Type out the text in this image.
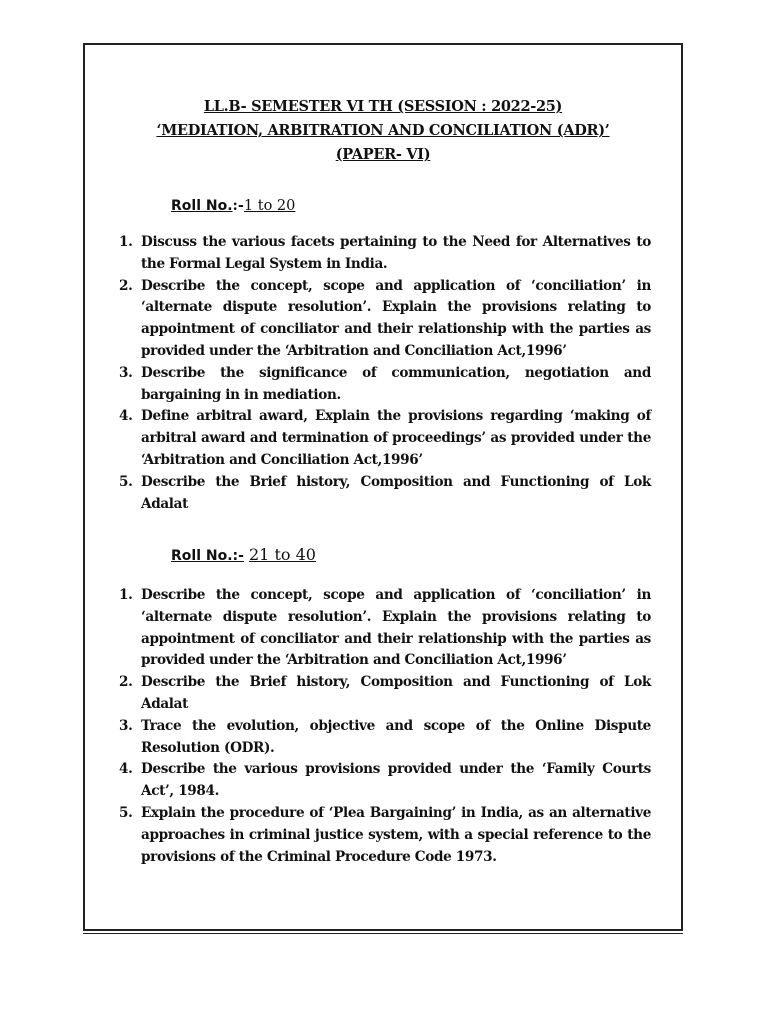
LL.B- SEMESTER VI TH (SESSION : 2022-25)
‘MEDIATION, ARBITRATION AND CONCILIATION (ADR)’
(PAPER- VI)
Roll No.:-1 to 20
1. Discuss the various facets pertaining to the Need for Alternatives to the Formal Legal System in India.
2. Describe the concept, scope and application of ‘conciliation’ in ‘alternate dispute resolution’. Explain the provisions relating to appointment of conciliator and their relationship with the parties as provided under the ‘Arbitration and Conciliation Act,1996’
3. Describe the significance of communication, negotiation and bargaining in in mediation.
4. Define arbitral award, Explain the provisions regarding ‘making of arbitral award and termination of proceedings’ as provided under the ‘Arbitration and Conciliation Act,1996’
5. Describe the Brief history, Composition and Functioning of Lok Adalat
Roll No.:- 21 to 40
1. Describe the concept, scope and application of ‘conciliation’ in ‘alternate dispute resolution’. Explain the provisions relating to appointment of conciliator and their relationship with the parties as provided under the ‘Arbitration and Conciliation Act,1996’
2. Describe the Brief history, Composition and Functioning of Lok Adalat
3. Trace the evolution, objective and scope of the Online Dispute Resolution (ODR).
4. Describe the various provisions provided under the ‘Family Courts Act’, 1984.
5. Explain the procedure of ‘Plea Bargaining’ in India, as an alternative approaches in criminal justice system, with a special reference to the provisions of the Criminal Procedure Code 1973.
